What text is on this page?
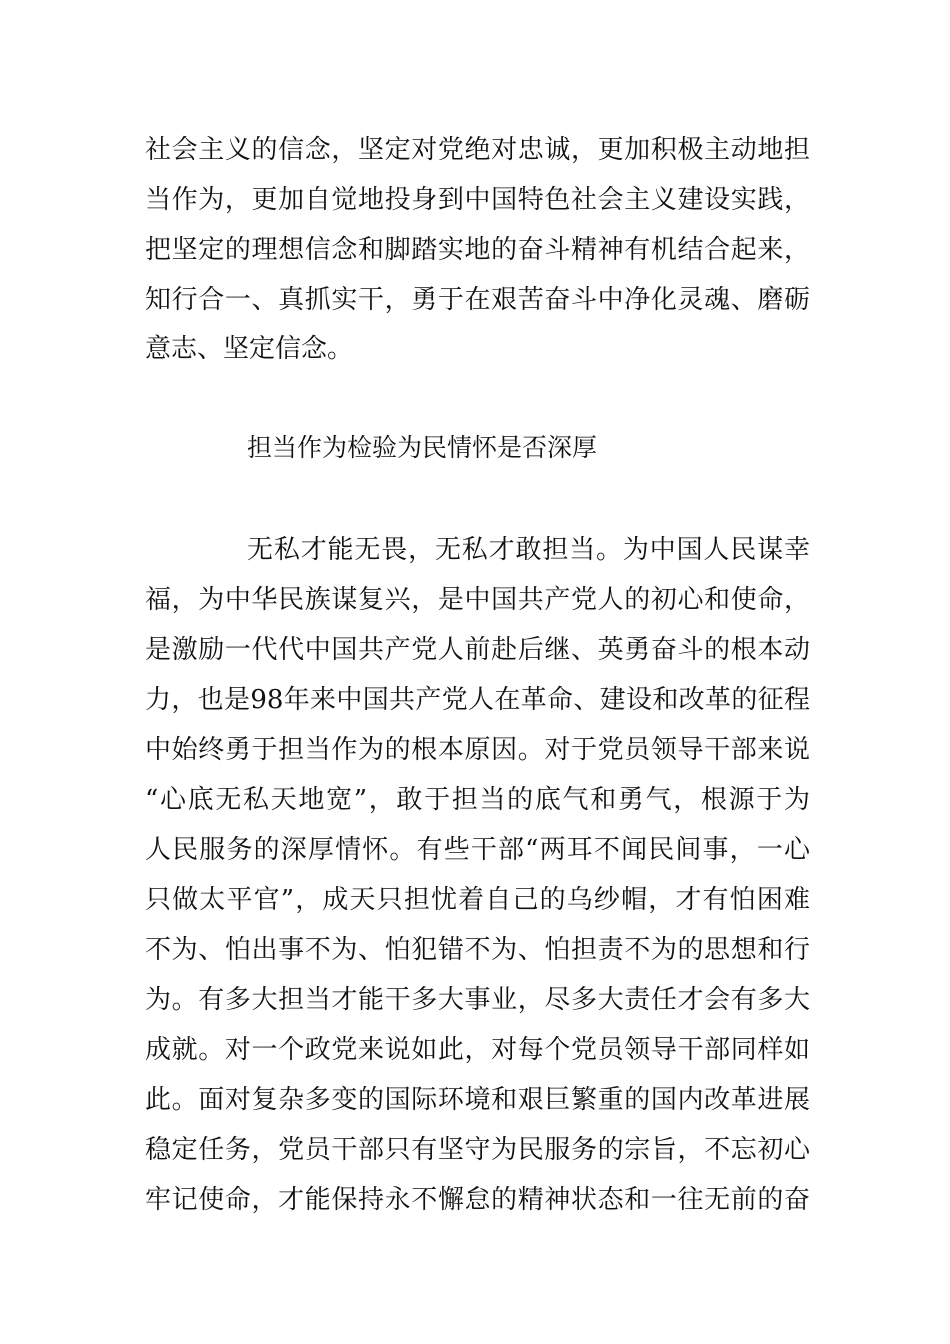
社会主义的信念，坚定对党绝对忠诚，更加积极主动地担
当作为，更加自觉地投身到中国特色社会主义建设实践，
把坚定的理想信念和脚踏实地的奋斗精神有机结合起来，
知行合一、真抓实干，勇于在艰苦奋斗中净化灵魂、磨砺
意志、坚定信念。
担当作为检验为民情怀是否深厚
无私才能无畏，无私才敢担当。为中国人民谋幸
福，为中华民族谋复兴，是中国共产党人的初心和使命，
是激励一代代中国共产党人前赴后继、英勇奋斗的根本动
力，也是98年来中国共产党人在革命、建设和改革的征程
中始终勇于担当作为的根本原因。对于党员领导干部来说
“心底无私天地宽”，敢于担当的底气和勇气，根源于为
人民服务的深厚情怀。有些干部“两耳不闻民间事，一心
只做太平官”，成天只担忧着自己的乌纱帽，才有怕困难
不为、怕出事不为、怕犯错不为、怕担责不为的思想和行
为。有多大担当才能干多大事业，尽多大责任才会有多大
成就。对一个政党来说如此，对每个党员领导干部同样如
此。面对复杂多变的国际环境和艰巨繁重的国内改革进展
稳定任务，党员干部只有坚守为民服务的宗旨，不忘初心
牢记使命，才能保持永不懈怠的精神状态和一往无前的奋
